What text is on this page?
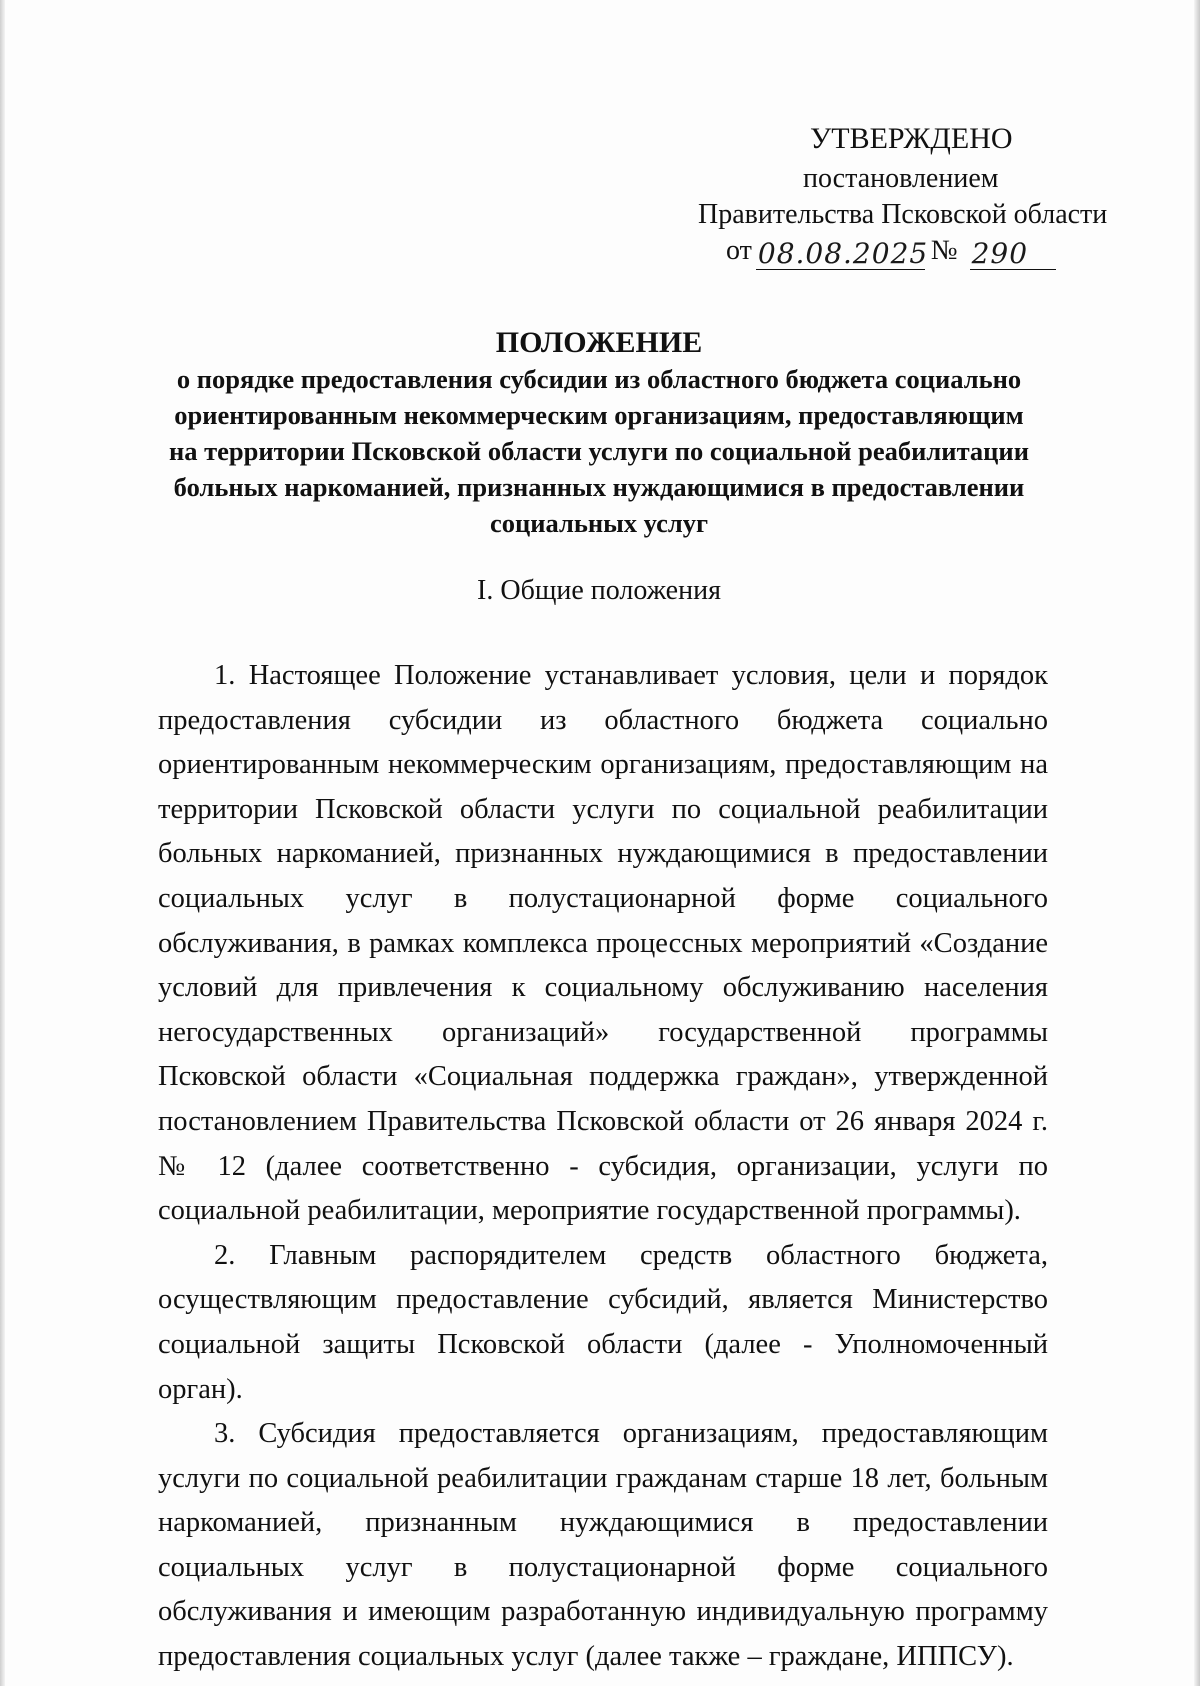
УТВЕРЖДЕНО
постановлением
Правительства Псковской области
от 08.08.2025 № 290
ПОЛОЖЕНИЕ
о порядке предоставления субсидии из областного бюджета социально
ориентированным некоммерческим организациям, предоставляющим
на территории Псковской области услуги по социальной реабилитации
больных наркоманией, признанных нуждающимися в предоставлении
социальных услуг
I. Общие положения

1. Настоящее Положение устанавливает условия, цели и порядок предоставления субсидии из областного бюджета социально ориентированным некоммерческим организациям, предоставляющим на территории Псковской области услуги по социальной реабилитации больных наркоманией, признанных нуждающимися в предоставлении социальных услуг в полустационарной форме социального обслуживания, в рамках комплекса процессных мероприятий «Создание условий для привлечения к социальному обслуживанию населения негосударственных организаций» государственной программы Псковской области «Социальная поддержка граждан», утвержденной постановлением Правительства Псковской области от 26 января 2024 г. № 12 (далее соответственно - субсидия, организации, услуги по социальной реабилитации, мероприятие государственной программы).

2. Главным распорядителем средств областного бюджета, осуществляющим предоставление субсидий, является Министерство социальной защиты Псковской области (далее - Уполномоченный орган).

3. Субсидия предоставляется организациям, предоставляющим услуги по социальной реабилитации гражданам старше 18 лет, больным наркоманией, признанным нуждающимися в предоставлении социальных услуг в полустационарной форме социального обслуживания и имеющим разработанную индивидуальную программу предоставления социальных услуг (далее также – граждане, ИППСУ).
